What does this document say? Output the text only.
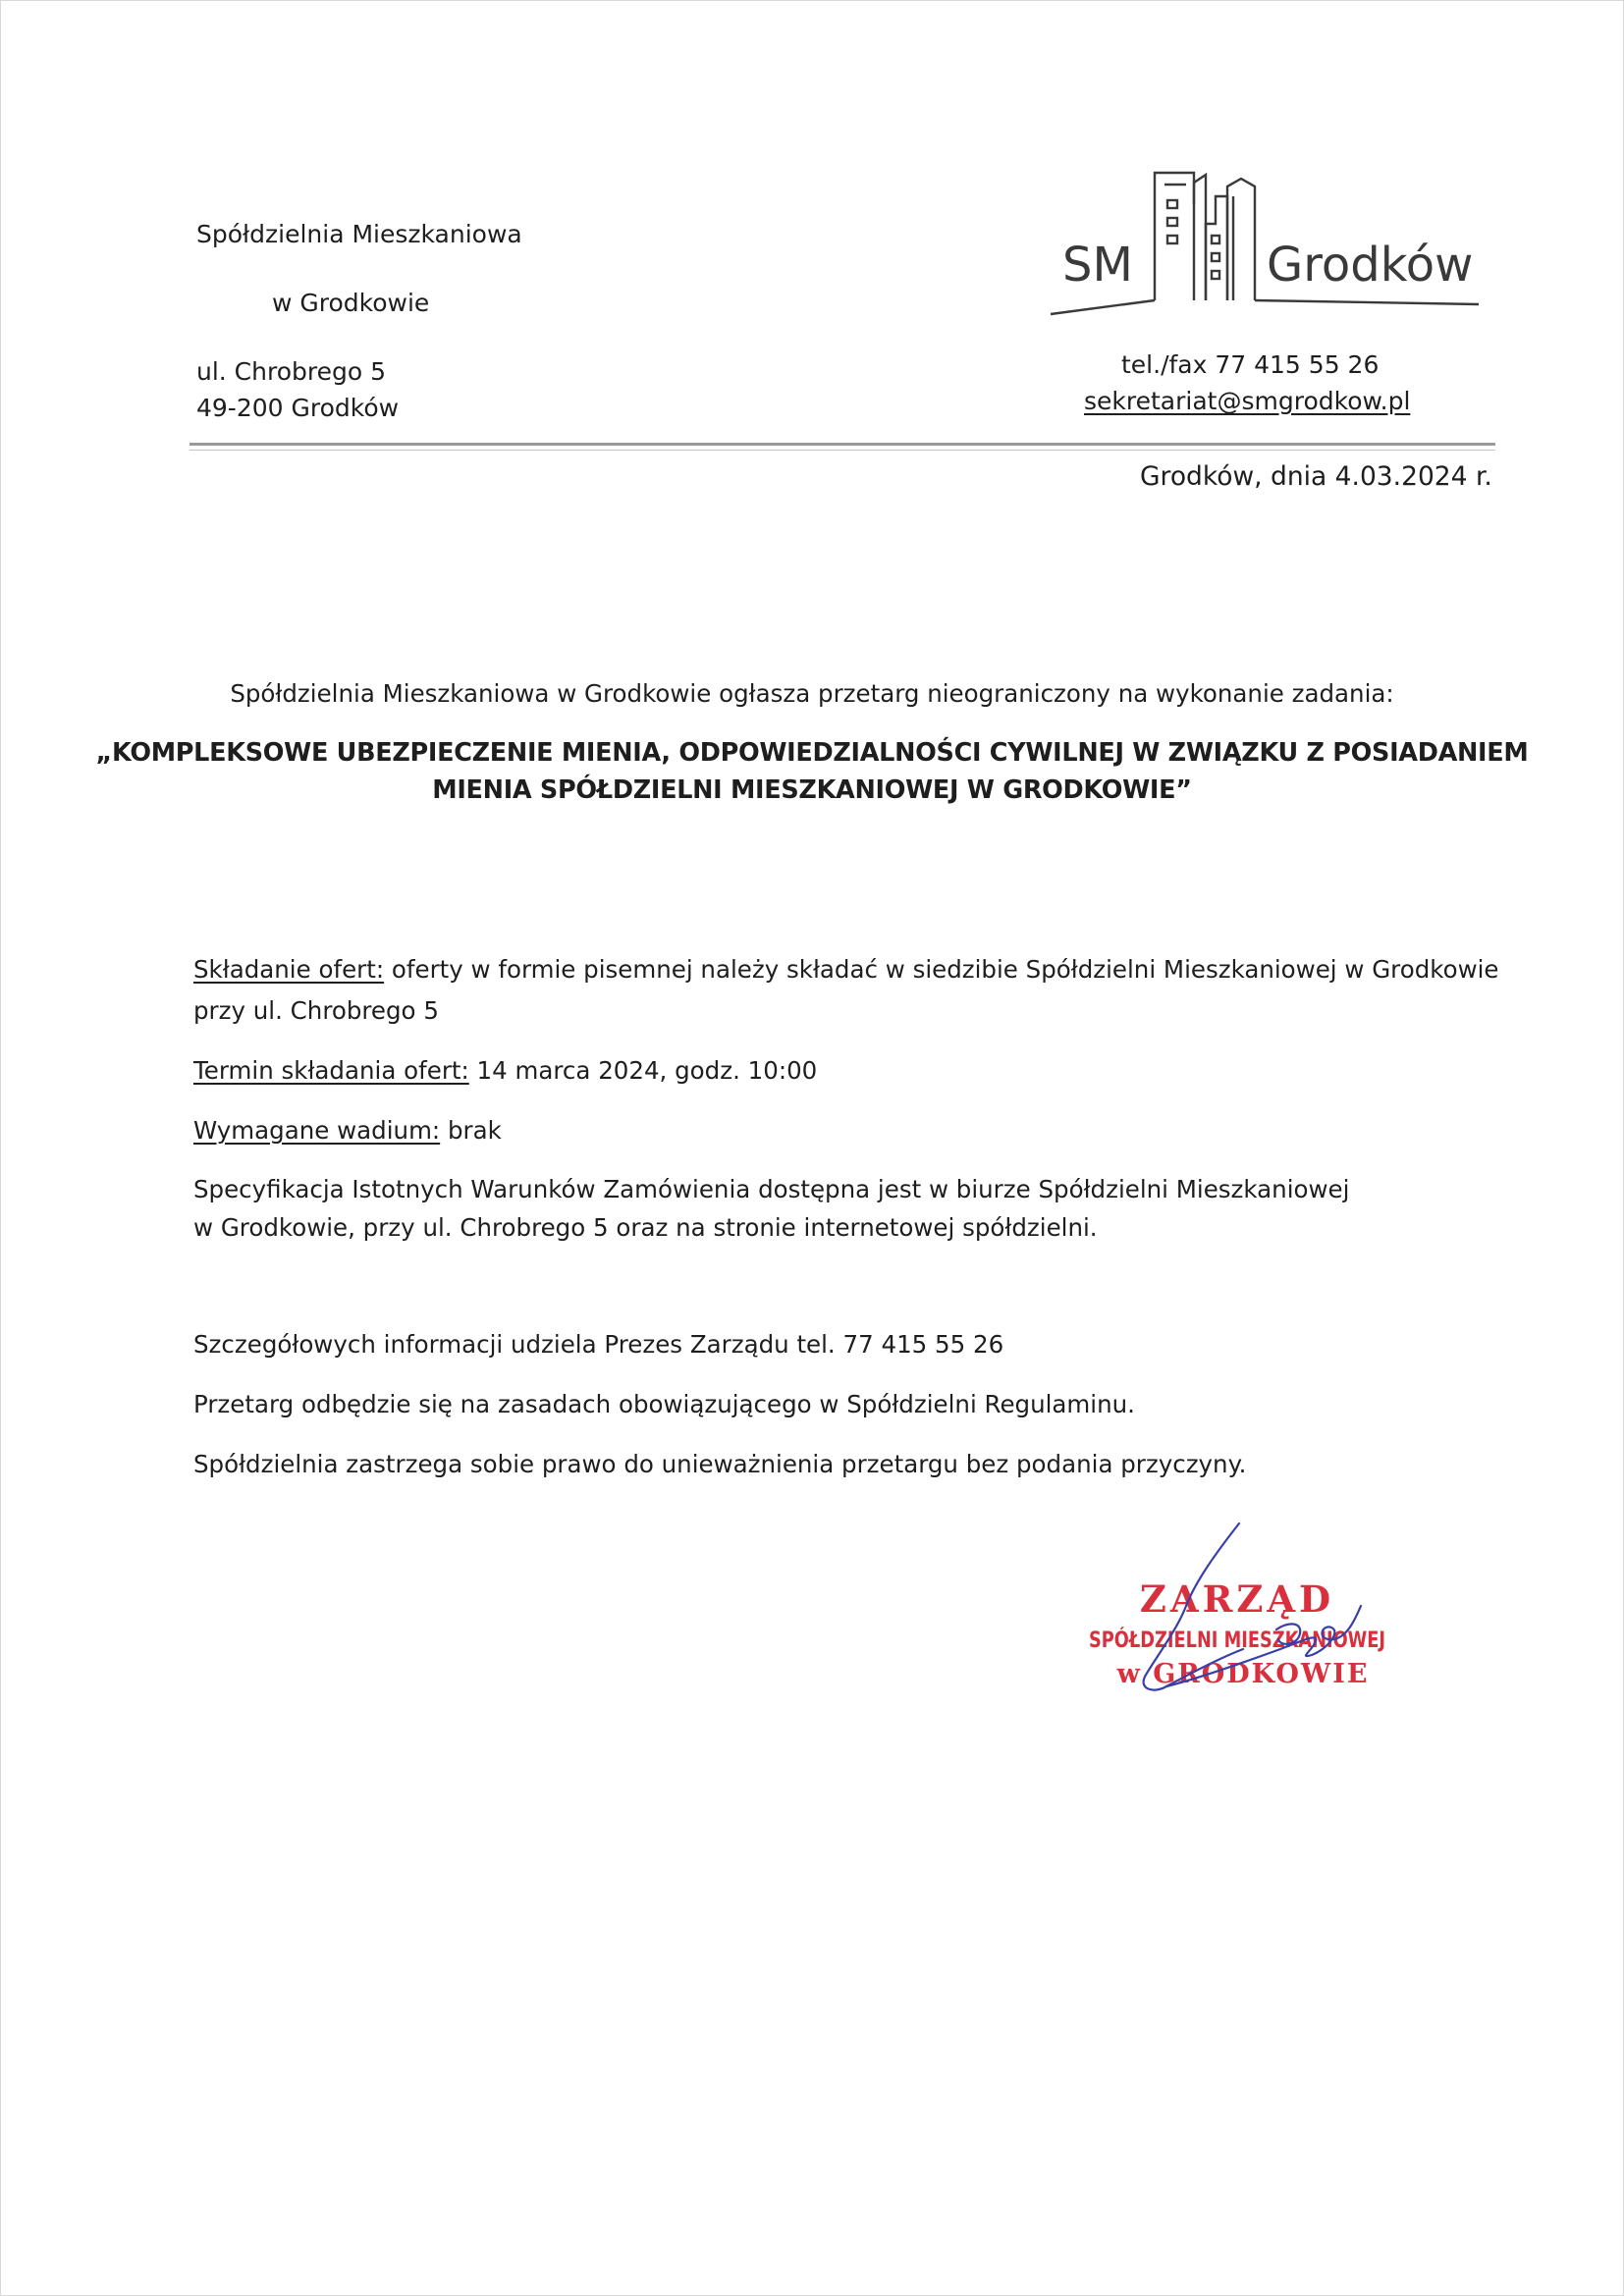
Spółdzielnia Mieszkaniowa
w Grodkowie
ul. Chrobrego 5
49-200 Grodków
SM	Grodków
tel./fax 77 415 55 26
sekretariat@smgrodkow.pl
Grodków, dnia 4.03.2024 r.
Spółdzielnia Mieszkaniowa w Grodkowie ogłasza przetarg nieograniczony na wykonanie zadania:
„KOMPLEKSOWE UBEZPIECZENIE MIENIA, ODPOWIEDZIALNOŚCI CYWILNEJ W ZWIĄZKU Z POSIADANIEM
MIENIA SPÓŁDZIELNI MIESZKANIOWEJ W GRODKOWIE”
Składanie ofert: oferty w formie pisemnej należy składać w siedzibie Spółdzielni Mieszkaniowej w Grodkowie
przy ul. Chrobrego 5
Termin składania ofert: 14 marca 2024, godz. 10:00
Wymagane wadium: brak
Specyfikacja Istotnych Warunków Zamówienia dostępna jest w biurze Spółdzielni Mieszkaniowej
w Grodkowie, przy ul. Chrobrego 5 oraz na stronie internetowej spółdzielni.
Szczegółowych informacji udziela Prezes Zarządu tel. 77 415 55 26
Przetarg odbędzie się na zasadach obowiązującego w Spółdzielni Regulaminu.
Spółdzielnia zastrzega sobie prawo do unieważnienia przetargu bez podania przyczyny.
ZARZĄD
SPÓŁDZIELNI MIESZKANIOWEJ
w GRODKOWIE
